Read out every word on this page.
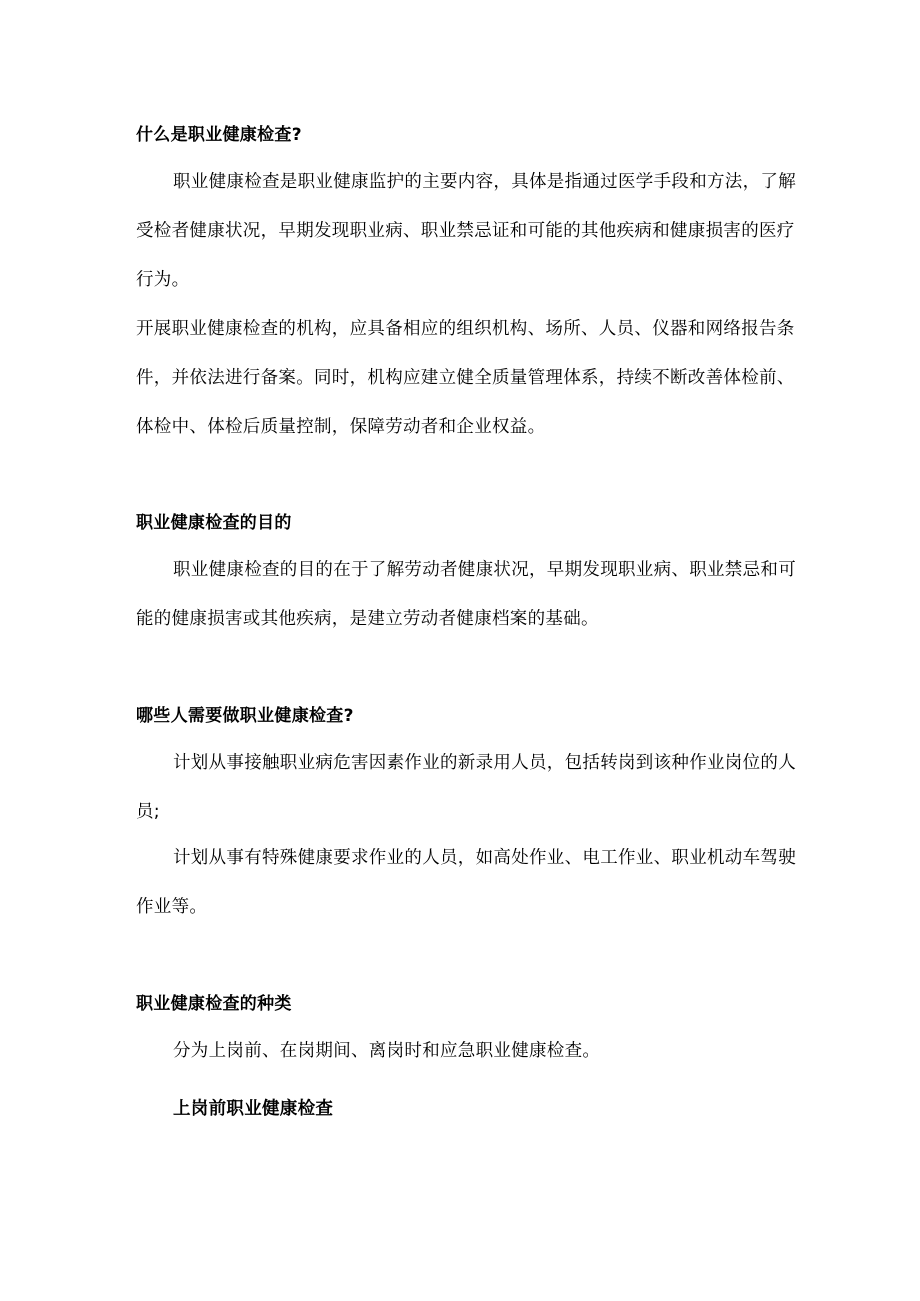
什么是职业健康检查?

职业健康检查是职业健康监护的主要内容，具体是指通过医学手段和方法，了解受检者健康状况，早期发现职业病、职业禁忌证和可能的其他疾病和健康损害的医疗行为。

开展职业健康检查的机构，应具备相应的组织机构、场所、人员、仪器和网络报告条件，并依法进行备案。同时，机构应建立健全质量管理体系，持续不断改善体检前、体检中、体检后质量控制，保障劳动者和企业权益。

职业健康检查的目的

职业健康检查的目的在于了解劳动者健康状况，早期发现职业病、职业禁忌和可能的健康损害或其他疾病，是建立劳动者健康档案的基础。

哪些人需要做职业健康检查?

计划从事接触职业病危害因素作业的新录用人员，包括转岗到该种作业岗位的人员;

计划从事有特殊健康要求作业的人员，如高处作业、电工作业、职业机动车驾驶作业等。

职业健康检查的种类

分为上岗前、在岗期间、离岗时和应急职业健康检查。

上岗前职业健康检查
